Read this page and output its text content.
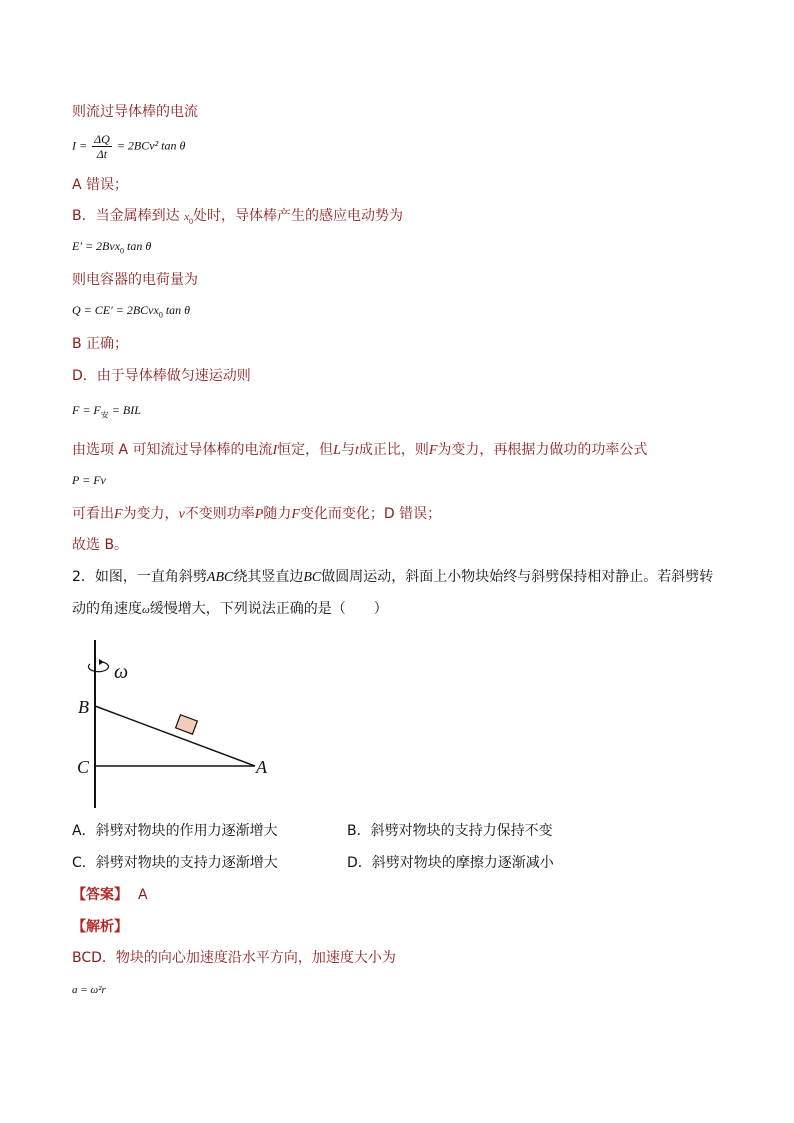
则流过导体棒的电流
$I = \frac{\Delta Q}{\Delta t} = 2BCv^2$ tan θ
A 错误；
B．当金属棒到达 $x_0$处时，导体棒产生的感应电动势为
E′ = 2Bvx$_0$ tan θ
则电容器的电荷量为
Q = CE′ = 2BCvx$_0$ tan θ
B 正确；
D．由于导体棒做匀速运动则
$F = F_安$ = BIL
由选项 A 可知流过导体棒的电流I恒定，但L与t成正比，则F为变力，再根据力做功的功率公式
P = Fv
可看出F为变力，v不变则功率P随力F变化而变化；D 错误；
故选 B。
2．如图，一直角斜劈ABC绕其竖直边BC做圆周运动，斜面上小物块始终与斜劈保持相对静止。若斜劈转
动的角速度ω缓慢增大，下列说法正确的是（　　）
ω
B
C	A
A．斜劈对物块的作用力逐渐增大	B．斜劈对物块的支持力保持不变
C．斜劈对物块的支持力逐渐增大	D．斜劈对物块的摩擦力逐渐减小
【答案】 A
【解析】
BCD．物块的向心加速度沿水平方向，加速度大小为
a = ω²r
